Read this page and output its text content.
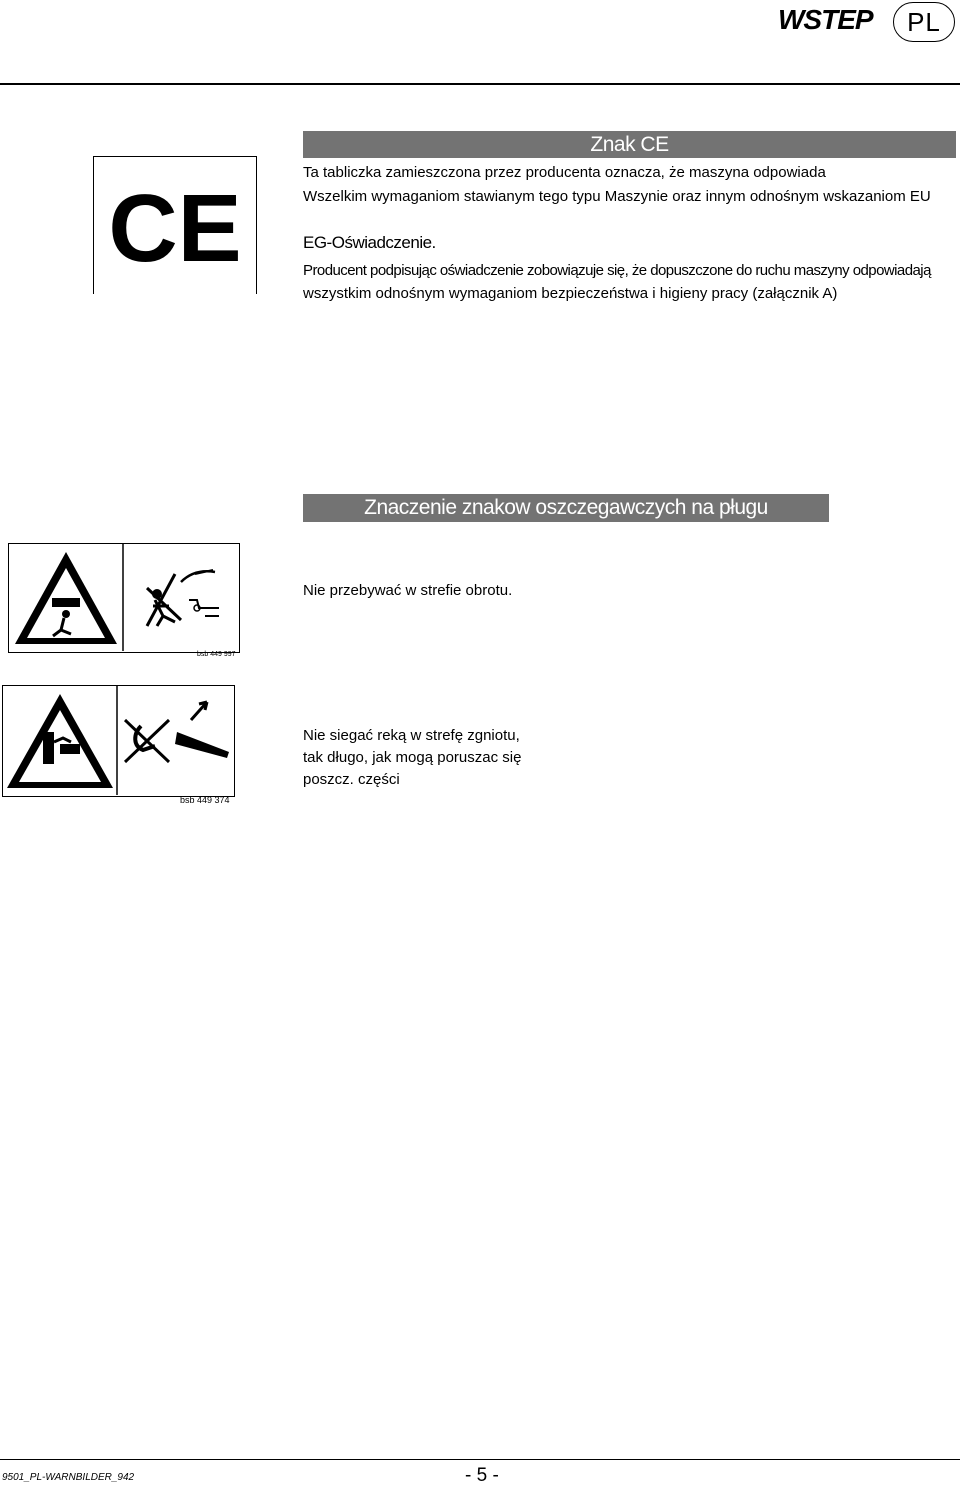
WSTEP	PL
CE
Znak CE
Ta tabliczka zamieszczona przez producenta oznacza, że maszyna odpowiada
Wszelkim wymaganiom stawianym tego typu Maszynie oraz innym odnośnym wskazaniom EU
EG-Oświadczenie.
Producent podpisując oświadczenie zobowiązuje się, że dopuszczone do ruchu maszyny odpowiadają
wszystkim odnośnym wymaganiom bezpieczeństwa i higieny pracy (załącznik A)
Znaczenie znakow oszczegawczych na pługu
bsb 449 997
Nie przebywać w strefie obrotu.
bsb 449 374
Nie siegać reką w strefę zgniotu,
tak długo, jak mogą poruszac się
poszcz. części
9501_PL-WARNBILDER_942	- 5 -
